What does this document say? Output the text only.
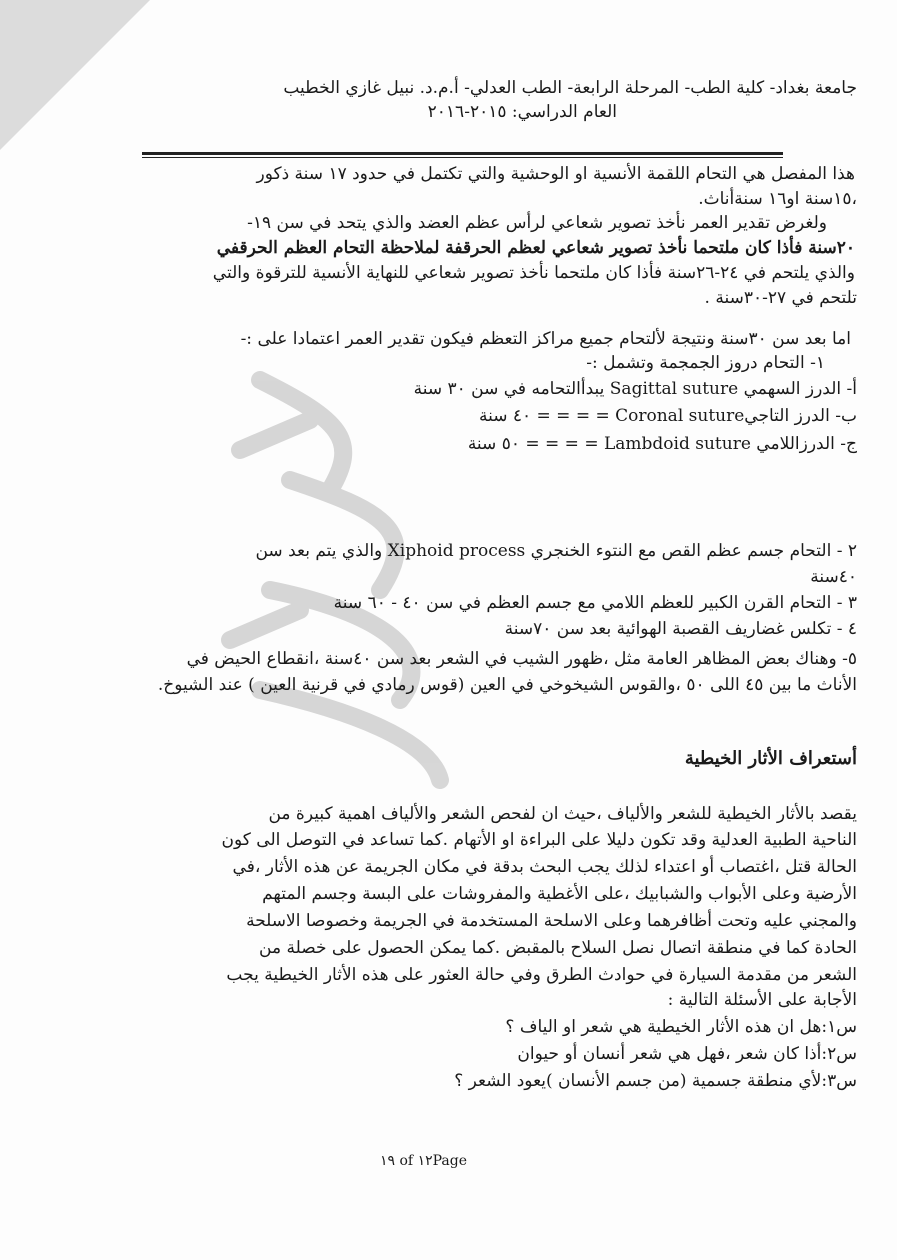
جامعة بغداد- كلية الطب- المرحلة الرابعة- الطب العدلي- أ.م.د. نبيل غازي الخطيب
العام الدراسي: ٢٠١٥-٢٠١٦
هذا المفصل هي التحام اللقمة الأنسية او الوحشية والتي تكتمل في حدود ١٧ سنة ذكور
،١٥سنة او١٦ سنةأناث.
ولغرض تقدير العمر نأخذ تصوير شعاعي لرأس عظم العضد والذي يتحد في سن ١٩-
٢٠سنة فأذا كان ملتحما نأخذ تصوير شعاعي لعظم الحرقفة لملاحظة التحام العظم الحرقفي
والذي يلتحم في ٢٤-٢٦سنة فأذا كان ملتحما نأخذ تصوير شعاعي للنهاية الأنسية للترقوة والتي
تلتحم في ٢٧-٣٠سنة .
اما بعد سن ٣٠سنة ونتيجة لألتحام جميع مراكز التعظم فيكون تقدير العمر اعتمادا على :-
١- التحام دروز الجمجمة وتشمل :-
أ- الدرز السهمي Sagittal suture يبدأالتحامه في سن ٣٠ سنة
ب- الدرز التاجيCoronal suture = = = = ٤٠ سنة
ج- الدرزاللامي Lambdoid suture = = = = ٥٠ سنة
٢ - التحام جسم عظم القص مع النتوء الخنجري Xiphoid process والذي يتم بعد سن
٤٠سنة
٣ - التحام القرن الكبير للعظم اللامي مع جسم العظم في سن ٤٠ - ٦٠ سنة
٤ - تكلس غضاريف القصبة الهوائية بعد سن ٧٠سنة
٥- وهناك بعض المظاهر العامة مثل ،ظهور الشيب في الشعر بعد سن ٤٠سنة ،انقطاع الحيض في
الأناث ما بين ٤٥ اللى ٥٠ ،والقوس الشيخوخي في العين (قوس رمادي في قرنية العين ) عند الشيوخ.
أستعراف الأثار الخيطية
يقصد بالأثار الخيطية للشعر والألياف ،حيث ان لفحص الشعر والألياف اهمية كبيرة من
الناحية الطبية العدلية وقد تكون دليلا على البراءة او الأتهام .كما تساعد في التوصل الى كون
الحالة قتل ،اغتصاب أو اعتداء لذلك يجب البحث بدقة في مكان الجريمة عن هذه الأثار ،في
الأرضية وعلى الأبواب والشبابيك ،على الأغطية والمفروشات على البسة وجسم المتهم
والمجني عليه وتحت أظافرهما وعلى الاسلحة المستخدمة في الجريمة وخصوصا الاسلحة
الحادة كما في منطقة اتصال نصل السلاح بالمقبض .كما يمكن الحصول على خصلة من
الشعر من مقدمة السيارة في حوادث الطرق وفي حالة العثور على هذه الأثار الخيطية يجب
الأجابة على الأسئلة التالية :
س١:هل ان هذه الأثار الخيطية هي شعر او الياف ؟
س٢:أذا كان شعر ،فهل هي شعر أنسان أو حيوان
س٣:لأي منطقة جسمية (من جسم الأنسان )يعود الشعر ؟
١٩ of ١٢Page
